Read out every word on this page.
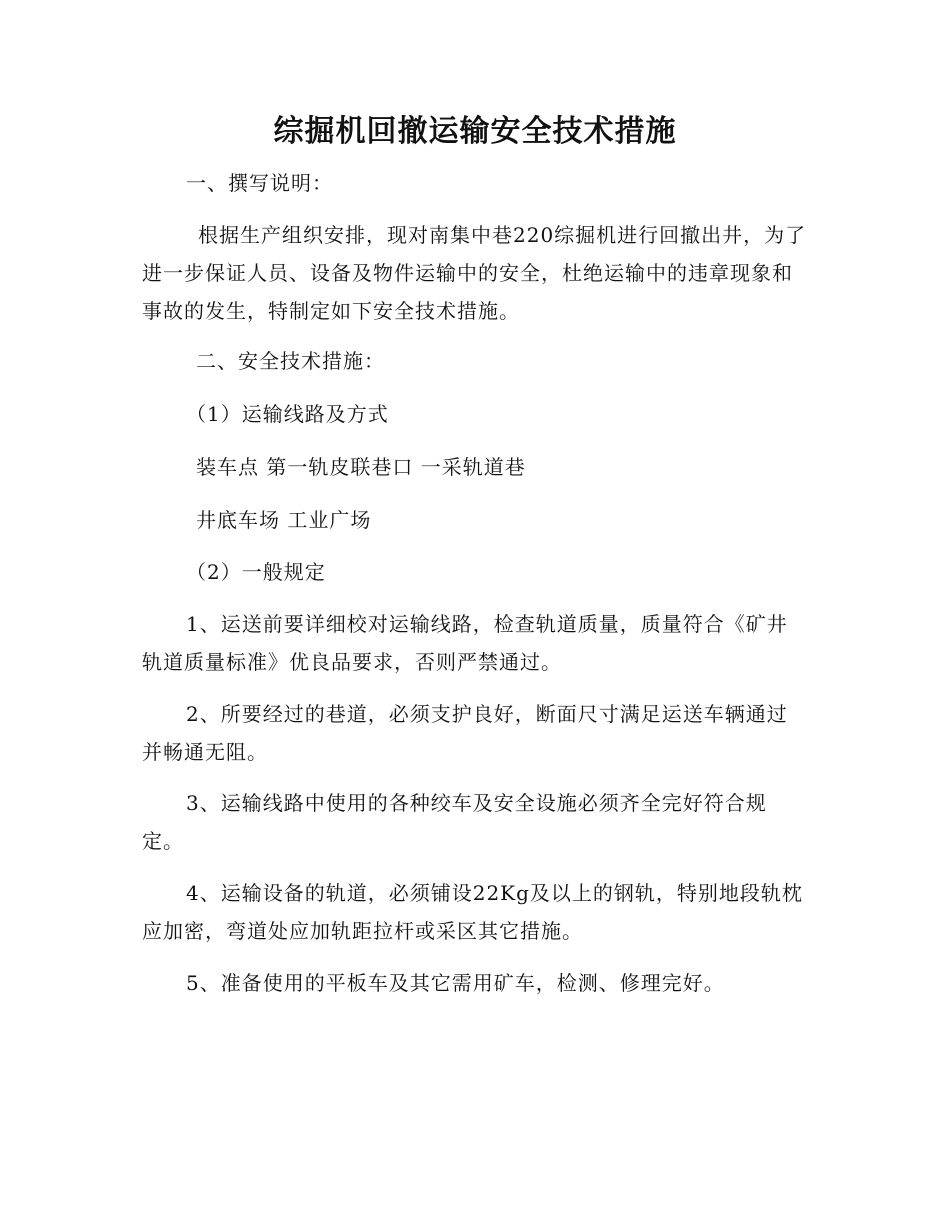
综掘机回撤运输安全技术措施
一、撰写说明：
根据生产组织安排，现对南集中巷220综掘机进行回撤出井，为了进一步保证人员、设备及物件运输中的安全，杜绝运输中的违章现象和事故的发生，特制定如下安全技术措施。
二、安全技术措施：
（1）运输线路及方式
装车点 第一轨皮联巷口 一采轨道巷
井底车场 工业广场
（2）一般规定
1、运送前要详细校对运输线路，检查轨道质量，质量符合《矿井轨道质量标准》优良品要求，否则严禁通过。
2、所要经过的巷道，必须支护良好，断面尺寸满足运送车辆通过并畅通无阻。
3、运输线路中使用的各种绞车及安全设施必须齐全完好符合规定。
4、运输设备的轨道，必须铺设22Kg及以上的钢轨，特别地段轨枕应加密，弯道处应加轨距拉杆或采区其它措施。
5、准备使用的平板车及其它需用矿车，检测、修理完好。
